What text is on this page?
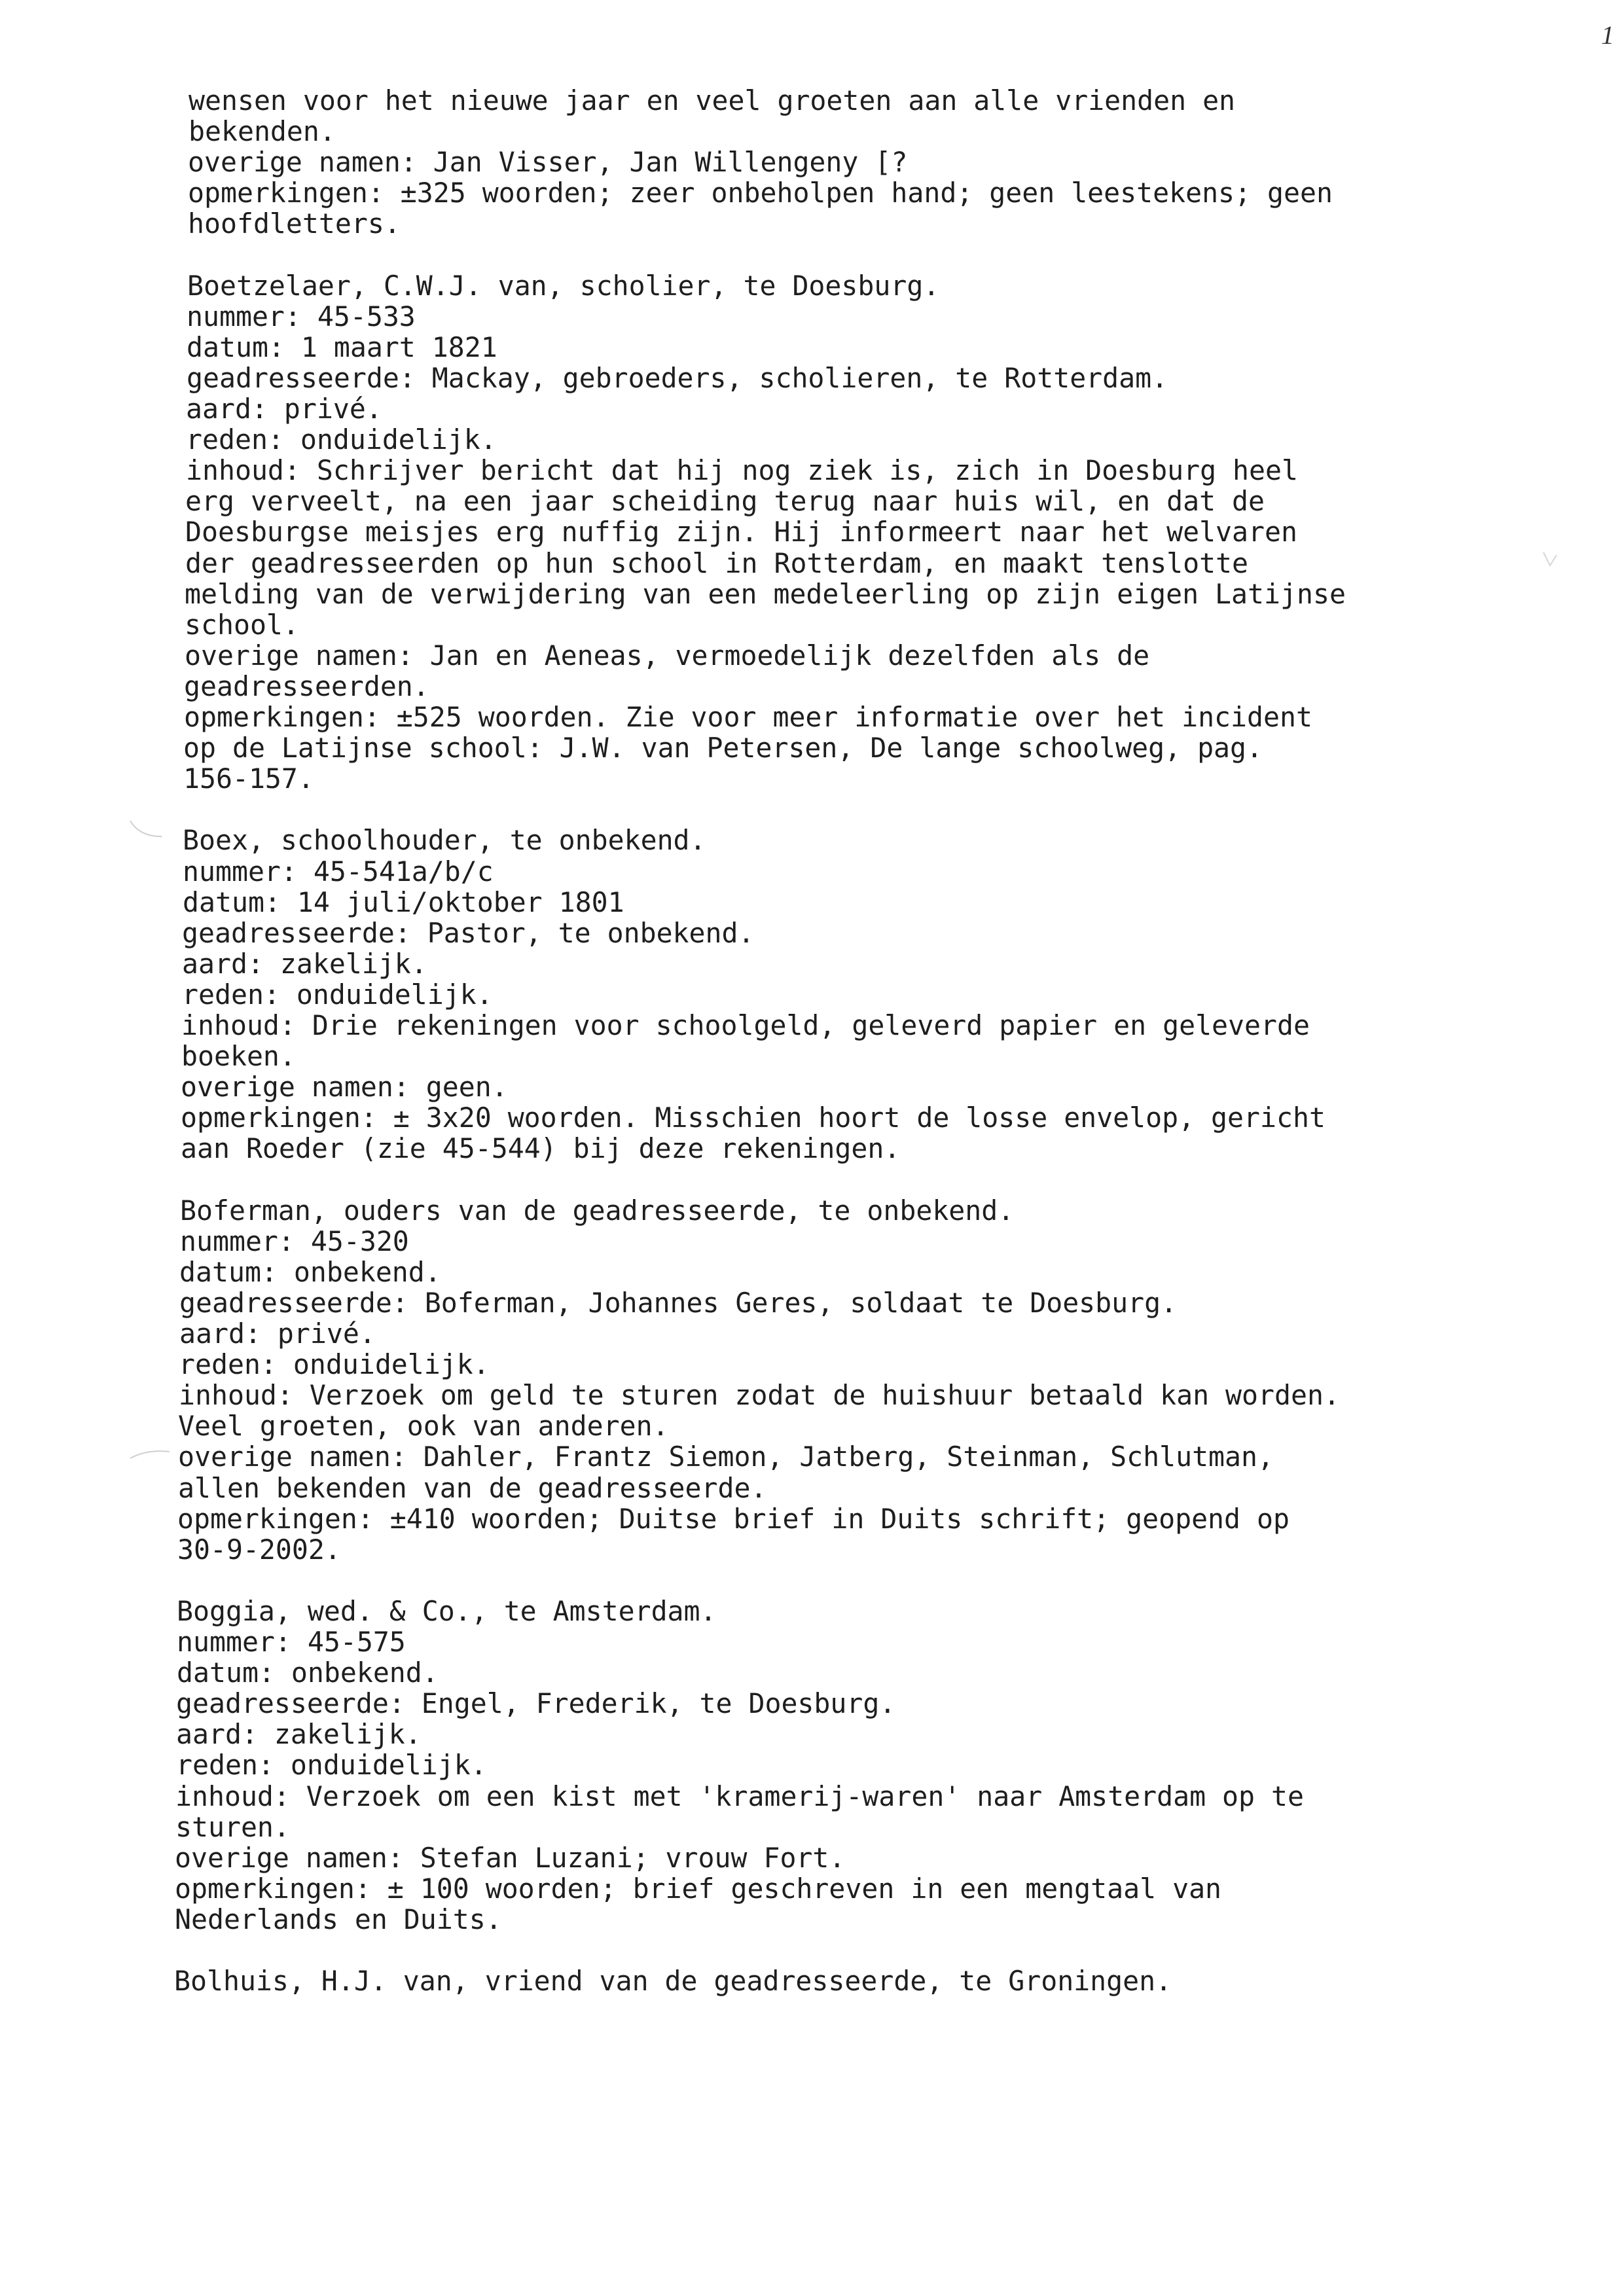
1
wensen voor het nieuwe jaar en veel groeten aan alle vrienden en
bekenden.
overige namen: Jan Visser, Jan Willengeny [?
opmerkingen: ±325 woorden; zeer onbeholpen hand; geen leestekens; geen
hoofdletters.
Boetzelaer, C.W.J. van, scholier, te Doesburg.
nummer: 45-533
datum: 1 maart 1821
geadresseerde: Mackay, gebroeders, scholieren, te Rotterdam.
aard: privé.
reden: onduidelijk.
inhoud: Schrijver bericht dat hij nog ziek is, zich in Doesburg heel
erg verveelt, na een jaar scheiding terug naar huis wil, en dat de
Doesburgse meisjes erg nuffig zijn. Hij informeert naar het welvaren
der geadresseerden op hun school in Rotterdam, en maakt tenslotte
melding van de verwijdering van een medeleerling op zijn eigen Latijnse
school.
overige namen: Jan en Aeneas, vermoedelijk dezelfden als de
geadresseerden.
opmerkingen: ±525 woorden. Zie voor meer informatie over het incident
op de Latijnse school: J.W. van Petersen, De lange schoolweg, pag.
156-157.
Boex, schoolhouder, te onbekend.
nummer: 45-541a/b/c
datum: 14 juli/oktober 1801
geadresseerde: Pastor, te onbekend.
aard: zakelijk.
reden: onduidelijk.
inhoud: Drie rekeningen voor schoolgeld, geleverd papier en geleverde
boeken.
overige namen: geen.
opmerkingen: ± 3x20 woorden. Misschien hoort de losse envelop, gericht
aan Roeder (zie 45-544) bij deze rekeningen.
Boferman, ouders van de geadresseerde, te onbekend.
nummer: 45-320
datum: onbekend.
geadresseerde: Boferman, Johannes Geres, soldaat te Doesburg.
aard: privé.
reden: onduidelijk.
inhoud: Verzoek om geld te sturen zodat de huishuur betaald kan worden.
Veel groeten, ook van anderen.
overige namen: Dahler, Frantz Siemon, Jatberg, Steinman, Schlutman,
allen bekenden van de geadresseerde.
opmerkingen: ±410 woorden; Duitse brief in Duits schrift; geopend op
30-9-2002.
Boggia, wed. & Co., te Amsterdam.
nummer: 45-575
datum: onbekend.
geadresseerde: Engel, Frederik, te Doesburg.
aard: zakelijk.
reden: onduidelijk.
inhoud: Verzoek om een kist met 'kramerij-waren' naar Amsterdam op te
sturen.
overige namen: Stefan Luzani; vrouw Fort.
opmerkingen: ± 100 woorden; brief geschreven in een mengtaal van
Nederlands en Duits.
Bolhuis, H.J. van, vriend van de geadresseerde, te Groningen.
